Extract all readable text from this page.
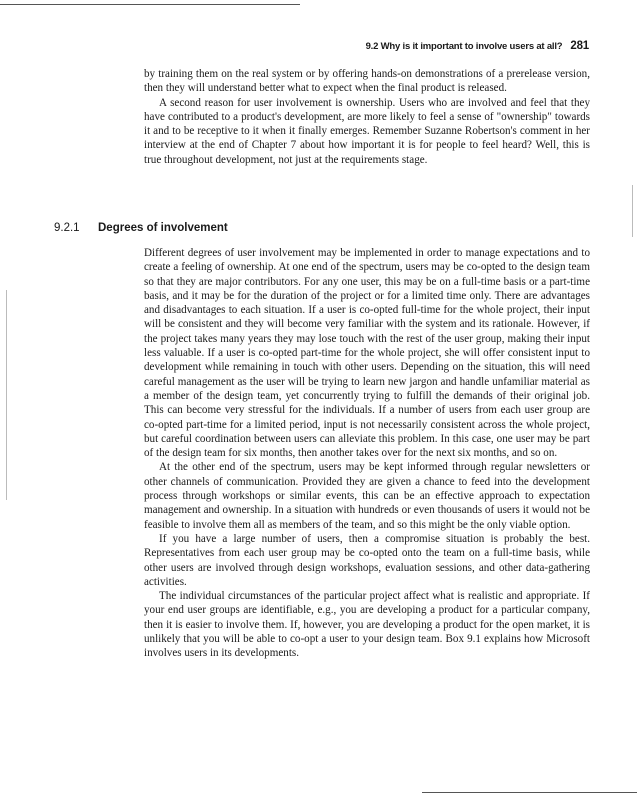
9.2 Why is it important to involve users at all? 281

by training them on the real system or by offering hands-on demonstrations of a prerelease version, then they will understand better what to expect when the final product is released.

A second reason for user involvement is ownership. Users who are involved and feel that they have contributed to a product's development, are more likely to feel a sense of "ownership" towards it and to be receptive to it when it finally emerges. Remember Suzanne Robertson's comment in her interview at the end of Chapter 7 about how important it is for people to feel heard? Well, this is true throughout development, not just at the requirements stage.

9.2.1 Degrees of involvement

Different degrees of user involvement may be implemented in order to manage expectations and to create a feeling of ownership. At one end of the spectrum, users may be co-opted to the design team so that they are major contributors. For any one user, this may be on a full-time basis or a part-time basis, and it may be for the duration of the project or for a limited time only. There are advantages and disadvantages to each situation. If a user is co-opted full-time for the whole project, their input will be consistent and they will become very familiar with the system and its rationale. However, if the project takes many years they may lose touch with the rest of the user group, making their input less valuable. If a user is co-opted part-time for the whole project, she will offer consistent input to development while remaining in touch with other users. Depending on the situation, this will need careful management as the user will be trying to learn new jargon and handle unfamiliar material as a member of the design team, yet concurrently trying to fulfill the demands of their original job. This can become very stressful for the individuals. If a number of users from each user group are co-opted part-time for a limited period, input is not necessarily consistent across the whole project, but careful coordination between users can alleviate this problem. In this case, one user may be part of the design team for six months, then another takes over for the next six months, and so on.

At the other end of the spectrum, users may be kept informed through regular newsletters or other channels of communication. Provided they are given a chance to feed into the development process through workshops or similar events, this can be an effective approach to expectation management and ownership. In a situation with hundreds or even thousands of users it would not be feasible to involve them all as members of the team, and so this might be the only viable option.

If you have a large number of users, then a compromise situation is probably the best. Representatives from each user group may be co-opted onto the team on a full-time basis, while other users are involved through design workshops, evaluation sessions, and other data-gathering activities.

The individual circumstances of the particular project affect what is realistic and appropriate. If your end user groups are identifiable, e.g., you are developing a product for a particular company, then it is easier to involve them. If, however, you are developing a product for the open market, it is unlikely that you will be able to co-opt a user to your design team. Box 9.1 explains how Microsoft involves users in its developments.
